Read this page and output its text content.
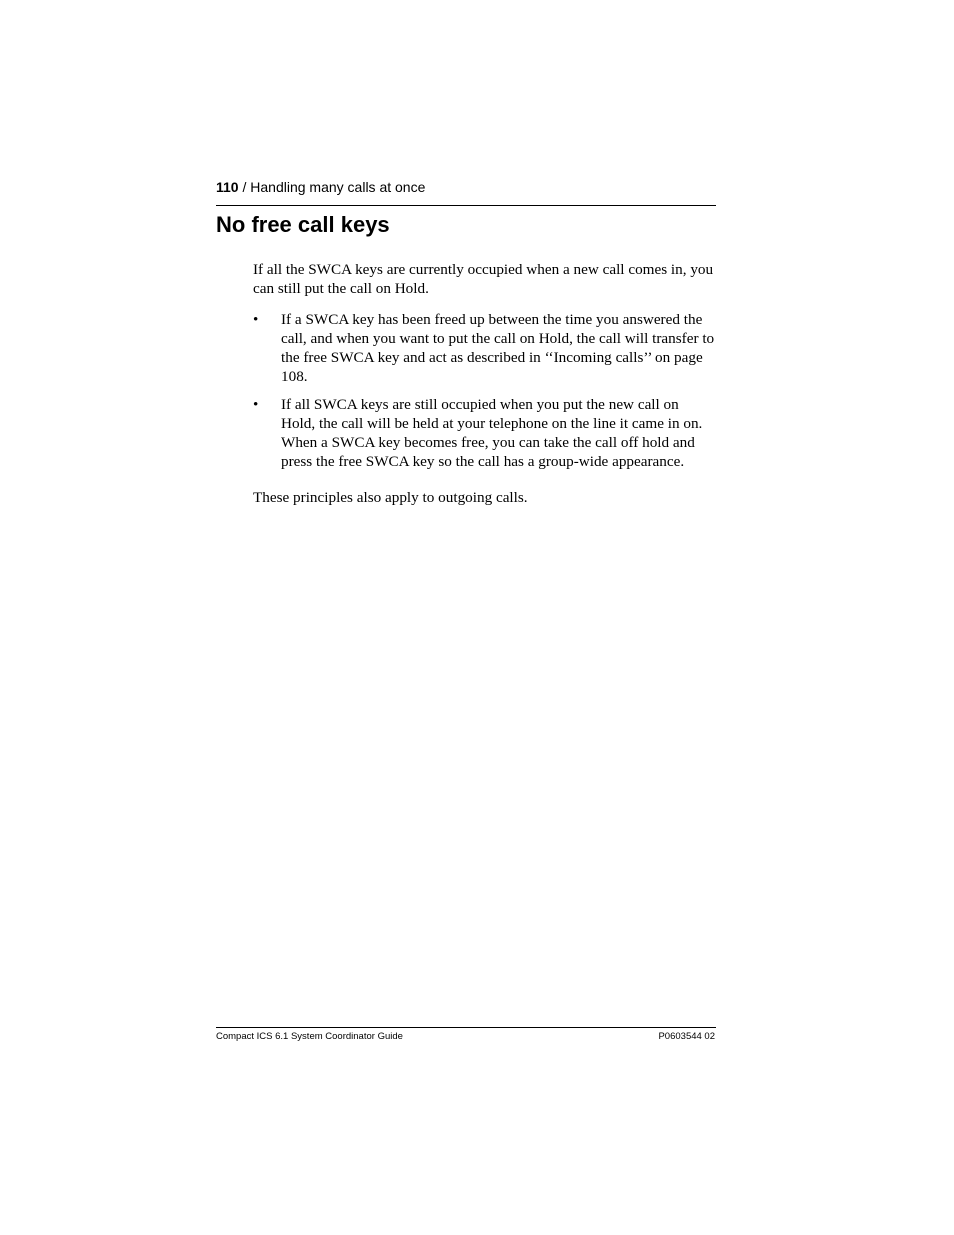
110 / Handling many calls at once
No free call keys

If all the SWCA keys are currently occupied when a new call comes in, you can still put the call on Hold.

• If a SWCA key has been freed up between the time you answered the call, and when you want to put the call on Hold, the call will transfer to the free SWCA key and act as described in ‘‘Incoming calls’’ on page 108.
• If all SWCA keys are still occupied when you put the new call on Hold, the call will be held at your telephone on the line it came in on. When a SWCA key becomes free, you can take the call off hold and press the free SWCA key so the call has a group-wide appearance.

These principles also apply to outgoing calls.

Compact ICS 6.1 System Coordinator Guide	P0603544 02
